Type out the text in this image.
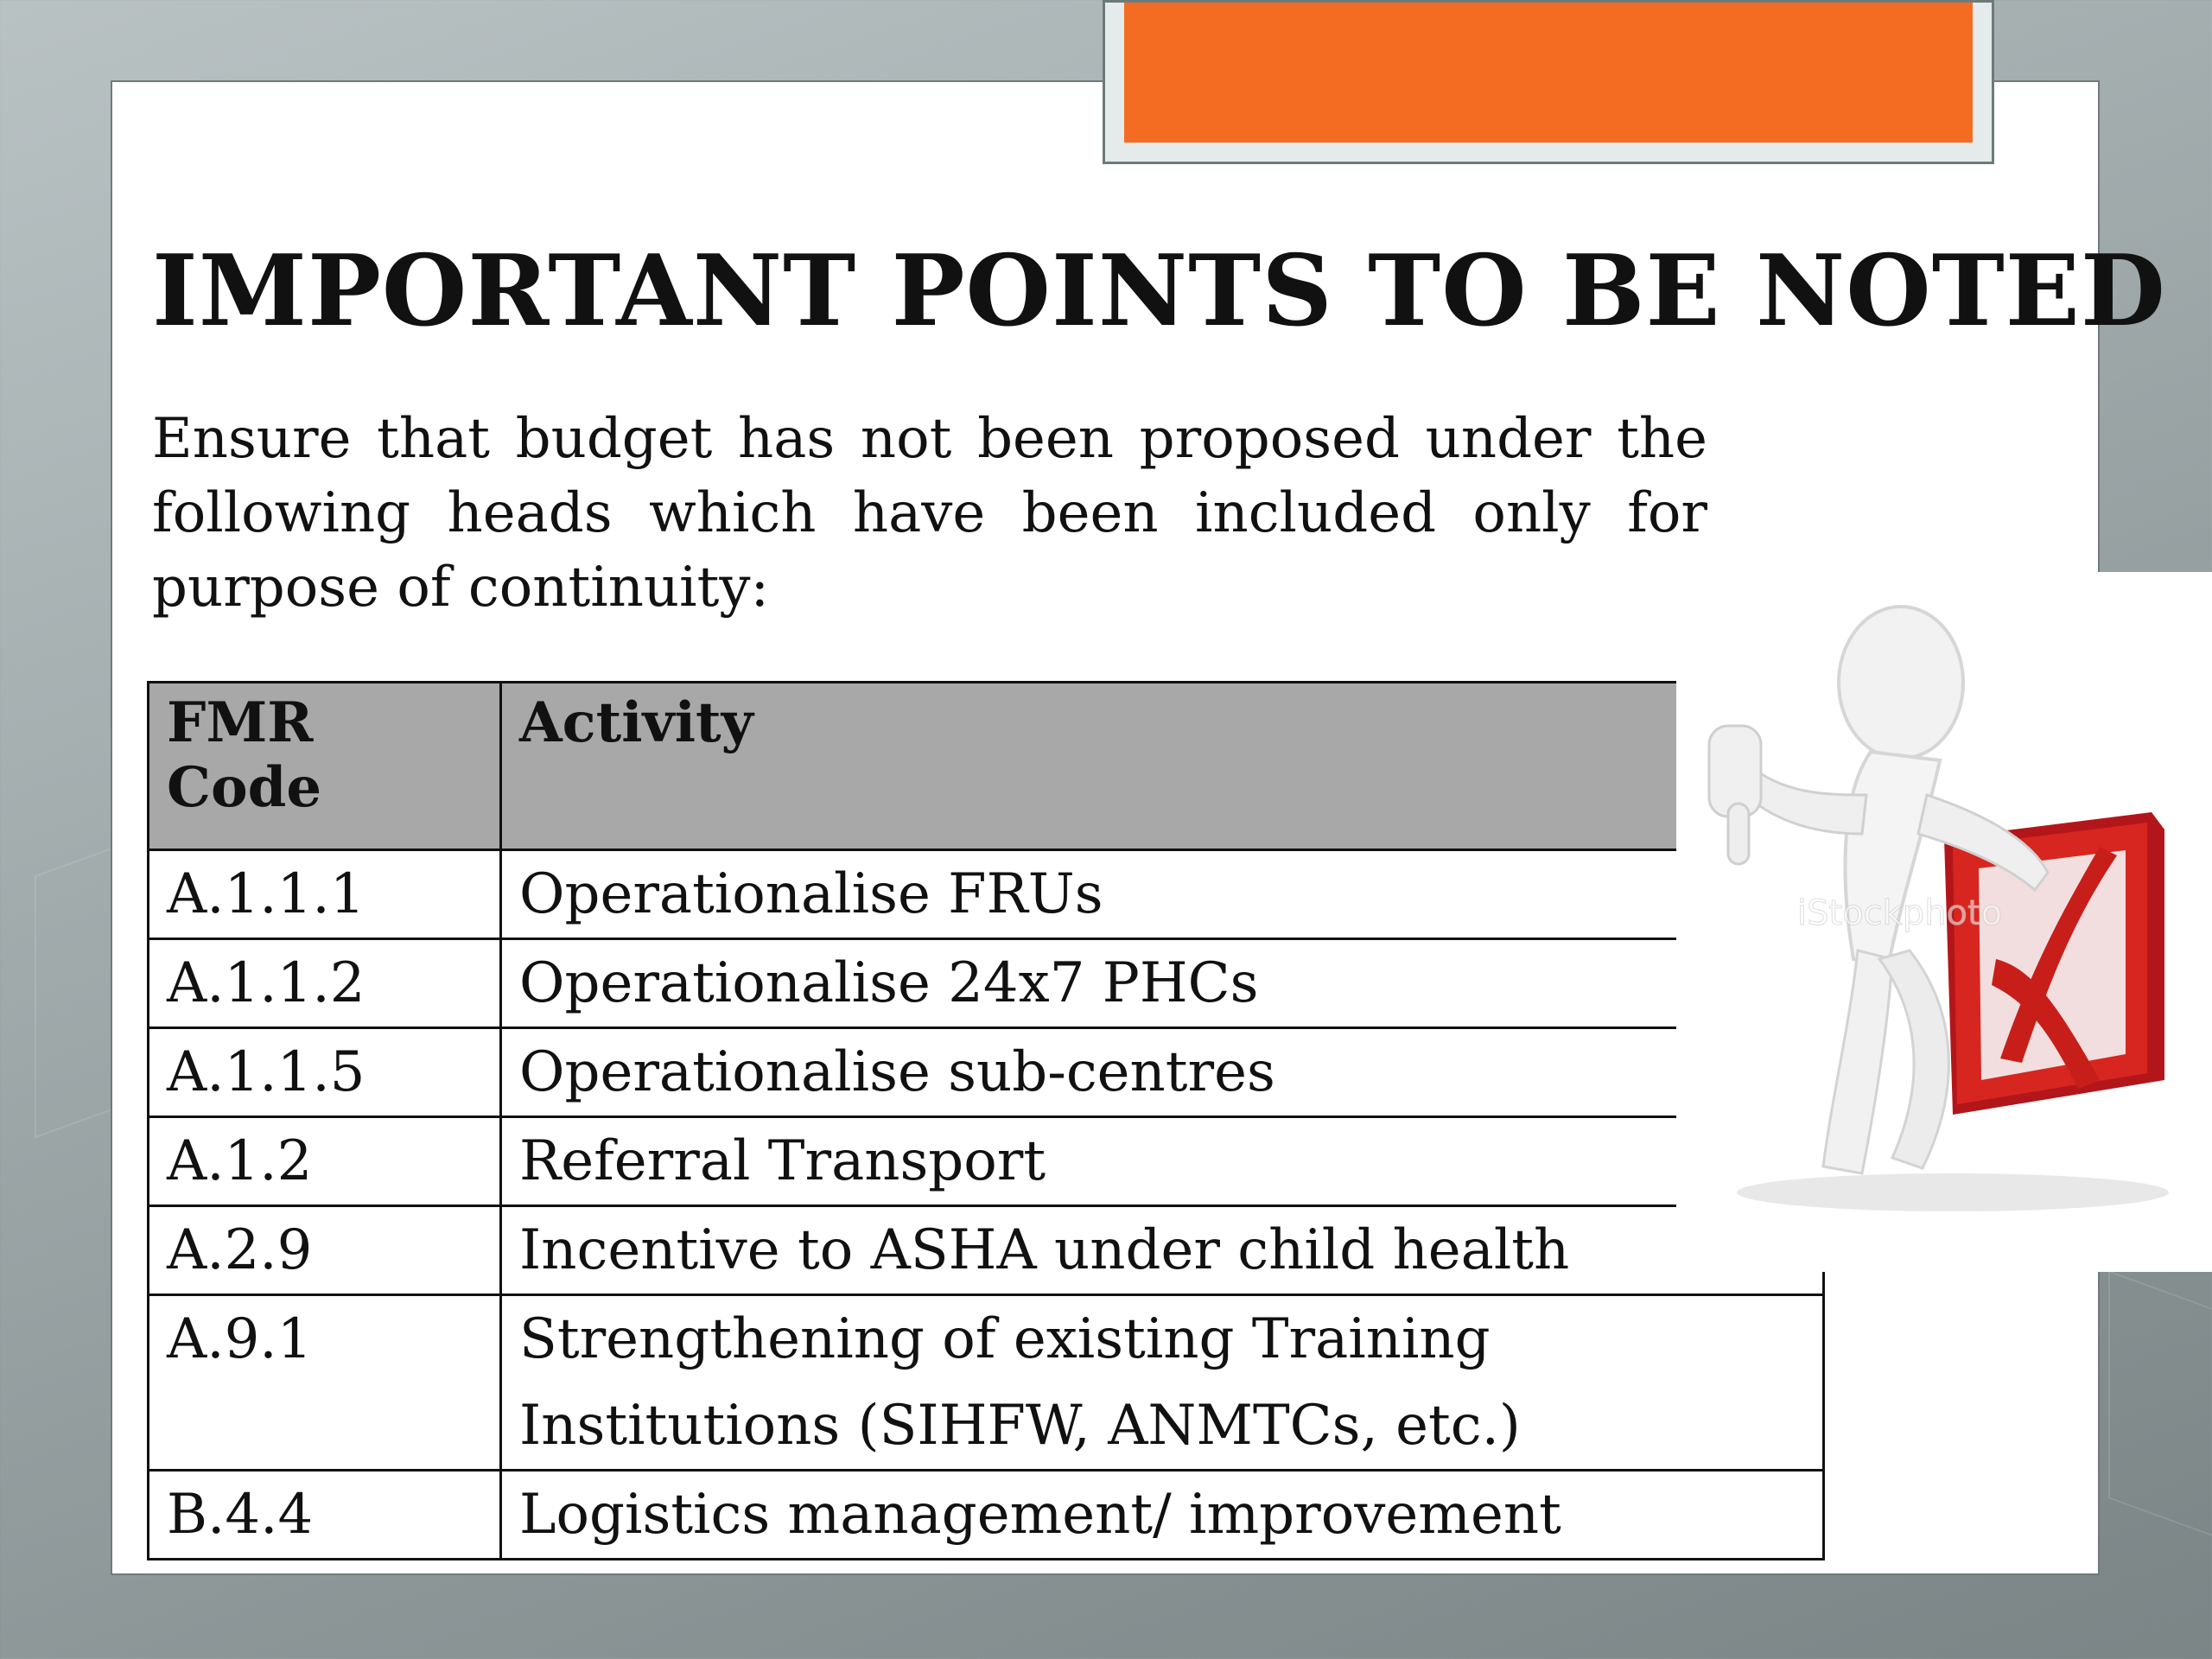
IMPORTANT POINTS TO BE NOTED

Ensure that budget has not been proposed under the following heads which have been included only for purpose of continuity:

FMR Code	Activity
A.1.1.1	Operationalise FRUs
A.1.1.2	Operationalise 24x7 PHCs
A.1.1.5	Operationalise sub-centres
A.1.2	Referral Transport
A.2.9	Incentive to ASHA under child health
A.9.1	Strengthening of existing Training Institutions (SIHFW, ANMTCs, etc.)
B.4.4	Logistics management/ improvement
iStockphoto
